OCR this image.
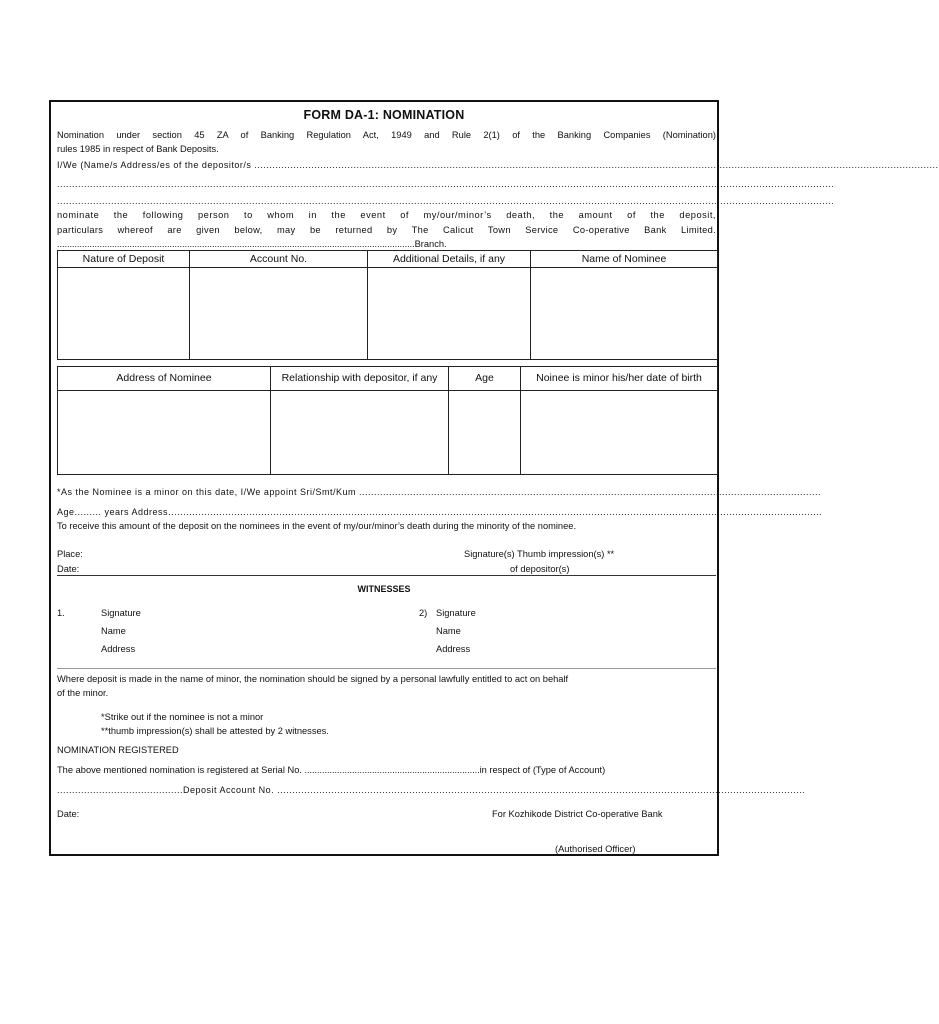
FORM DA-1: NOMINATION
Nomination under section 45 ZA of Banking Regulation Act, 1949 and Rule 2(1) of the Banking Companies (Nomination)
rules 1985 in respect of Bank Deposits.
I/We (Name/s Address/es of the depositor/s ....................................................................................................................................................................................................................................
...................................................................................................................................................................................................................................................................
...................................................................................................................................................................................................................................................................
nominate the following person to whom in the event of my/our/minor’s death, the amount of the deposit,
particulars whereof are given below, may be returned by The Calicut Town Service Co-operative Bank Limited.
...............................................................................................................................................Branch.
Nature of Deposit	Account No.	Additional Details, if any	Name of Nominee

Address of Nominee	Relationship with depositor, if any	Age	Noinee is minor his/her date of birth

*As the Nominee is a minor on this date, I/We appoint Sri/Smt/Kum ..........................................................................................................................................................
Age......... years Address..........................................................................................................................................................................................................................
To receive this amount of the deposit on the nominees in the event of my/our/minor’s death during the minority of the nominee.
Place:
Date:
Signature(s) Thumb impression(s) **
of depositor(s)
WITNESSES
1.	Signature
Name
Address
2) Signature
Name
Address
Where deposit is made in the name of minor, the nomination should be signed by a personal lawfully entitled to act on behalf
of the minor.
*Strike out if the nominee is not a minor
**thumb impression(s) shall be attested by 2 witnesses.
NOMINATION REGISTERED
The above mentioned nomination is registered at Serial No. ......................................................................in respect of (Type of Account)
..........................................Deposit Account No. ................................................................................................................................................................................
Date:	For Kozhikode District Co-operative Bank
(Authorised Officer)
